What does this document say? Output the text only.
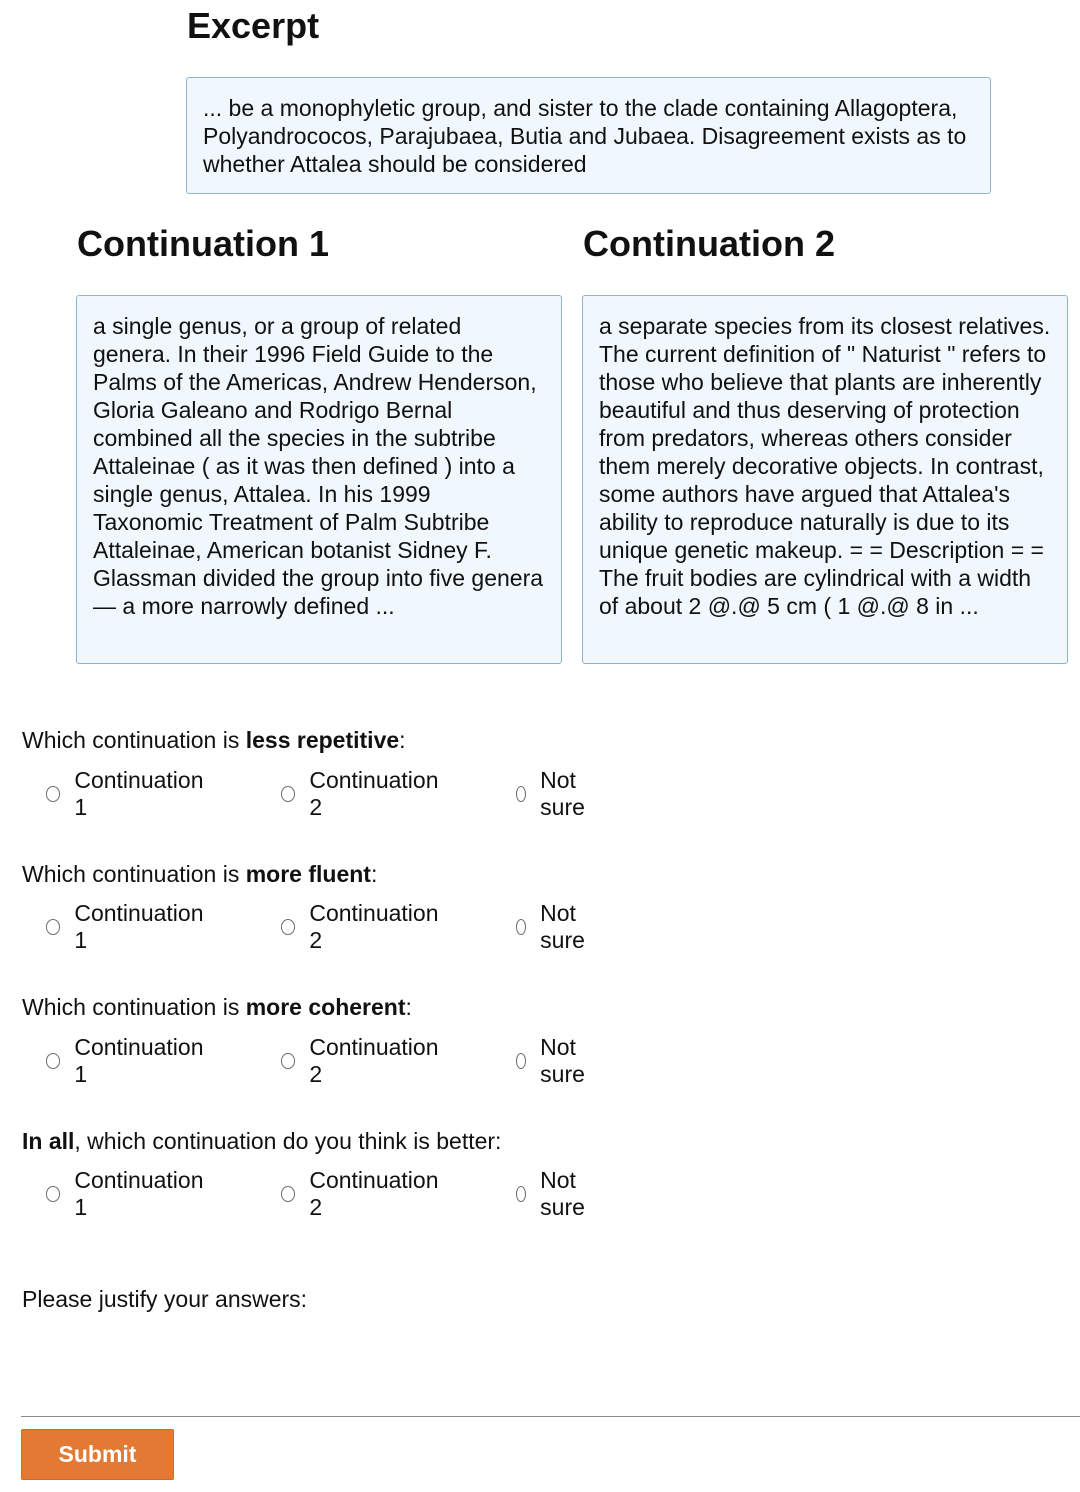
Excerpt
... be a monophyletic group, and sister to the clade containing Allagoptera, Polyandrococos, Parajubaea, Butia and Jubaea. Disagreement exists as to whether Attalea should be considered
Continuation 1	Continuation 2
a single genus, or a group of related genera. In their 1996 Field Guide to the Palms of the Americas, Andrew Henderson, Gloria Galeano and Rodrigo Bernal combined all the species in the subtribe Attaleinae ( as it was then defined ) into a single genus, Attalea. In his 1999 Taxonomic Treatment of Palm Subtribe Attaleinae, American botanist Sidney F. Glassman divided the group into five genera — a more narrowly defined ...
a separate species from its closest relatives. The current definition of " Naturist " refers to those who believe that plants are inherently beautiful and thus deserving of protection from predators, whereas others consider them merely decorative objects. In contrast, some authors have argued that Attalea's ability to reproduce naturally is due to its unique genetic makeup. = = Description = = The fruit bodies are cylindrical with a width of about 2 @.@ 5 cm ( 1 @.@ 8 in ...

Which continuation is less repetitive:

Continuation 1
Continuation 2
Not sure

Which continuation is more fluent:

Continuation 1
Continuation 2
Not sure

Which continuation is more coherent:

Continuation 1
Continuation 2
Not sure

In all, which continuation do you think is better:

Continuation 1
Continuation 2
Not sure

Please justify your answers:

Submit
